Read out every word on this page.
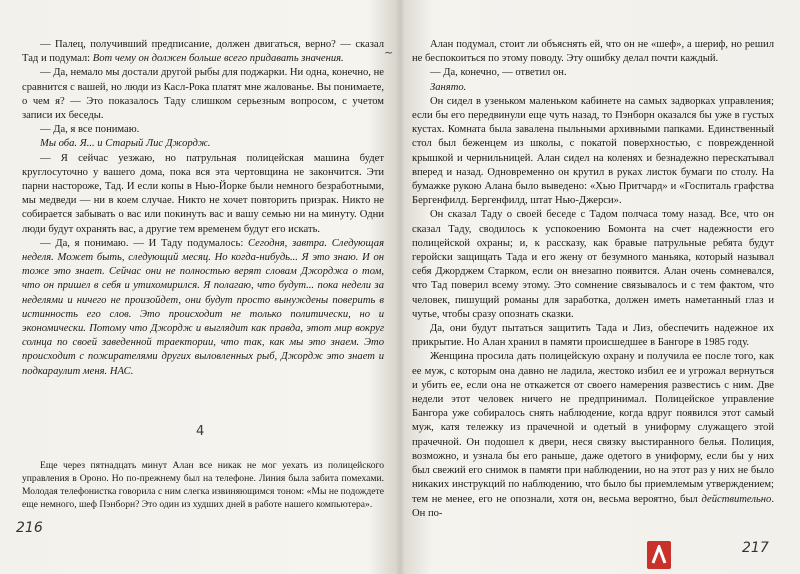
— Палец, получивший предписание, должен двигаться, верно? — сказал Тад и подумал: Вот чему он должен больше всего придавать значения.

— Да, немало мы достали другой рыбы для поджарки. Ни одна, конечно, не сравнится с вашей, но люди из Касл-Рока платят мне жалованье. Вы понимаете, о чем я? — Это показалось Таду слишком серьезным вопросом, с учетом записи их беседы.

— Да, я все понимаю.

Мы оба. Я... и Старый Лис Джордж.

— Я сейчас уезжаю, но патрульная полицейская машина будет круглосуточно у вашего дома, пока вся эта чертовщина не закончится. Эти парни настороже, Тад. И если копы в Нью-Йорке были немного безработными, мы медведи — ни в коем случае. Никто не хочет повторить призрак. Никто не собирается забывать о вас или покинуть вас и вашу семью ни на минуту. Одни люди будут охранять вас, а другие тем временем будут его искать.

— Да, я понимаю. — И Таду подумалось: Сегодня, завтра. Следующая неделя. Может быть, следующий месяц. Но когда-нибудь... Я это знаю. И он тоже это знает. Сейчас они не полностью верят словам Джорджа о том, что он пришел в себя и утихомирился. Я полагаю, что будут... пока недели за неделями и ничего не произойдет, они будут просто вынуждены поверить в истинность его слов. Это происходит не только политически, но и экономически. Потому что Джордж и выглядит как правда, этот мир вокруг солнца по своей заведенной траектории, что так, как мы это знаем. Это происходит с пожирателями других выловленных рыб, Джордж это знает и подкараулит меня. НАС.

~
4

Еще через пятнадцать минут Алан все никак не мог уехать из полицейского управления в Ороно. Но по-прежнему был на телефоне. Линия была забита помехами. Молодая телефонистка говорила с ним слегка извиняющимся тоном: «Мы не подождете еще немного, шеф Пэнборн? Это один из худших дней в работе нашего компьютера».

216

Алан подумал, стоит ли объяснять ей, что он не «шеф», а шериф, но решил не беспокоиться по этому поводу. Эту ошибку делал почти каждый.

— Да, конечно, — ответил он.

Занято.

Он сидел в узеньком маленьком кабинете на самых задворках управления; если бы его передвинули еще чуть назад, то Пэнборн оказался бы уже в густых кустах. Комната была завалена пыльными архивными папками. Единственный стол был беженцем из школы, с покатой поверхностью, с поврежденной крышкой и чернильницей. Алан сидел на коленях и безнадежно перескатывал вперед и назад. Одновременно он крутил в руках листок бумаги по столу. На бумажке рукою Алана было выведено: «Хью Притчард» и «Госпиталь графства Бергенфилд. Бергенфилд, штат Нью-Джерси».

Он сказал Таду о своей беседе с Тадом полчаса тому назад. Все, что он сказал Таду, сводилось к успокоению Бомонта на счет надежности его полицейской охраны; и, к рассказу, как бравые патрульные ребята будут геройски защищать Тада и его жену от безумного маньяка, который называл себя Джорджем Старком, если он внезапно появится. Алан очень сомневался, что Тад поверил всему этому. Это сомнение связывалось и с тем фактом, что человек, пишущий романы для заработка, должен иметь наметанный глаз и чутье, чтобы сразу опознать сказки.

Да, они будут пытаться защитить Тада и Лиз, обеспечить надежное их прикрытие. Но Алан хранил в памяти происшедшее в Бангоре в 1985 году.

Женщина просила дать полицейскую охрану и получила ее после того, как ее муж, с которым она давно не ладила, жестоко избил ее и угрожал вернуться и убить ее, если она не откажется от своего намерения развестись с ним. Две недели этот человек ничего не предпринимал. Полицейское управление Бангора уже собиралось снять наблюдение, когда вдруг появился этот самый муж, катя тележку из прачечной и одетый в униформу служащего этой прачечной. Он подошел к двери, неся связку выстиранного белья. Полиция, возможно, и узнала бы его раньше, даже одетого в униформу, если бы у них был свежий его снимок в памяти при наблюдении, но на этот раз у них не было никаких инструкций по наблюдению, что было бы приемлемым утверждением; тем не менее, его не опознали, хотя он, весьма вероятно, был действительно. Он по-

217
